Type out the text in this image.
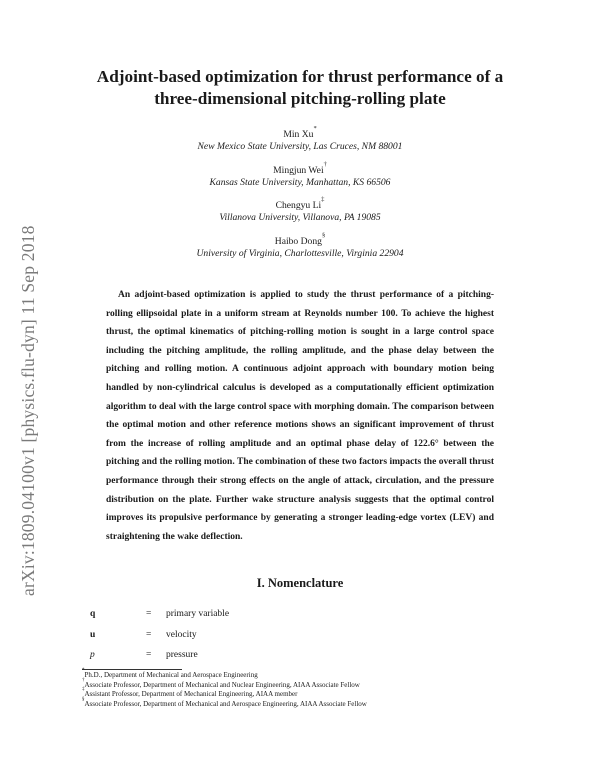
arXiv:1809.04100v1 [physics.flu-dyn] 11 Sep 2018
Adjoint-based optimization for thrust performance of a
three-dimensional pitching-rolling plate
Min Xu*
New Mexico State University, Las Cruces, NM 88001
Mingjun Wei†
Kansas State University, Manhattan, KS 66506
Chengyu Li‡
Villanova University, Villanova, PA 19085
Haibo Dong§
University of Virginia, Charlottesville, Virginia 22904

An adjoint-based optimization is applied to study the thrust performance of a pitching-rolling ellipsoidal plate in a uniform stream at Reynolds number 100. To achieve the highest thrust, the optimal kinematics of pitching-rolling motion is sought in a large control space including the pitching amplitude, the rolling amplitude, and the phase delay between the pitching and rolling motion. A continuous adjoint approach with boundary motion being handled by non-cylindrical calculus is developed as a computationally efficient optimization algorithm to deal with the large control space with morphing domain. The comparison between the optimal motion and other reference motions shows an significant improvement of thrust from the increase of rolling amplitude and an optimal phase delay of 122.6° between the pitching and the rolling motion. The combination of these two factors impacts the overall thrust performance through their strong effects on the angle of attack, circulation, and the pressure distribution on the plate. Further wake structure analysis suggests that the optimal control improves its propulsive performance by generating a stronger leading-edge vortex (LEV) and straightening the wake deflection.

I. Nomenclature
q	= primary variable
u	= velocity
p	= pressure
*Ph.D., Department of Mechanical and Aerospace Engineering
†Associate Professor, Department of Mechanical and Nuclear Engineering, AIAA Associate Fellow
‡Assistant Professor, Department of Mechanical Engineering, AIAA member
§Associate Professor, Department of Mechanical and Aerospace Engineering, AIAA Associate Fellow
